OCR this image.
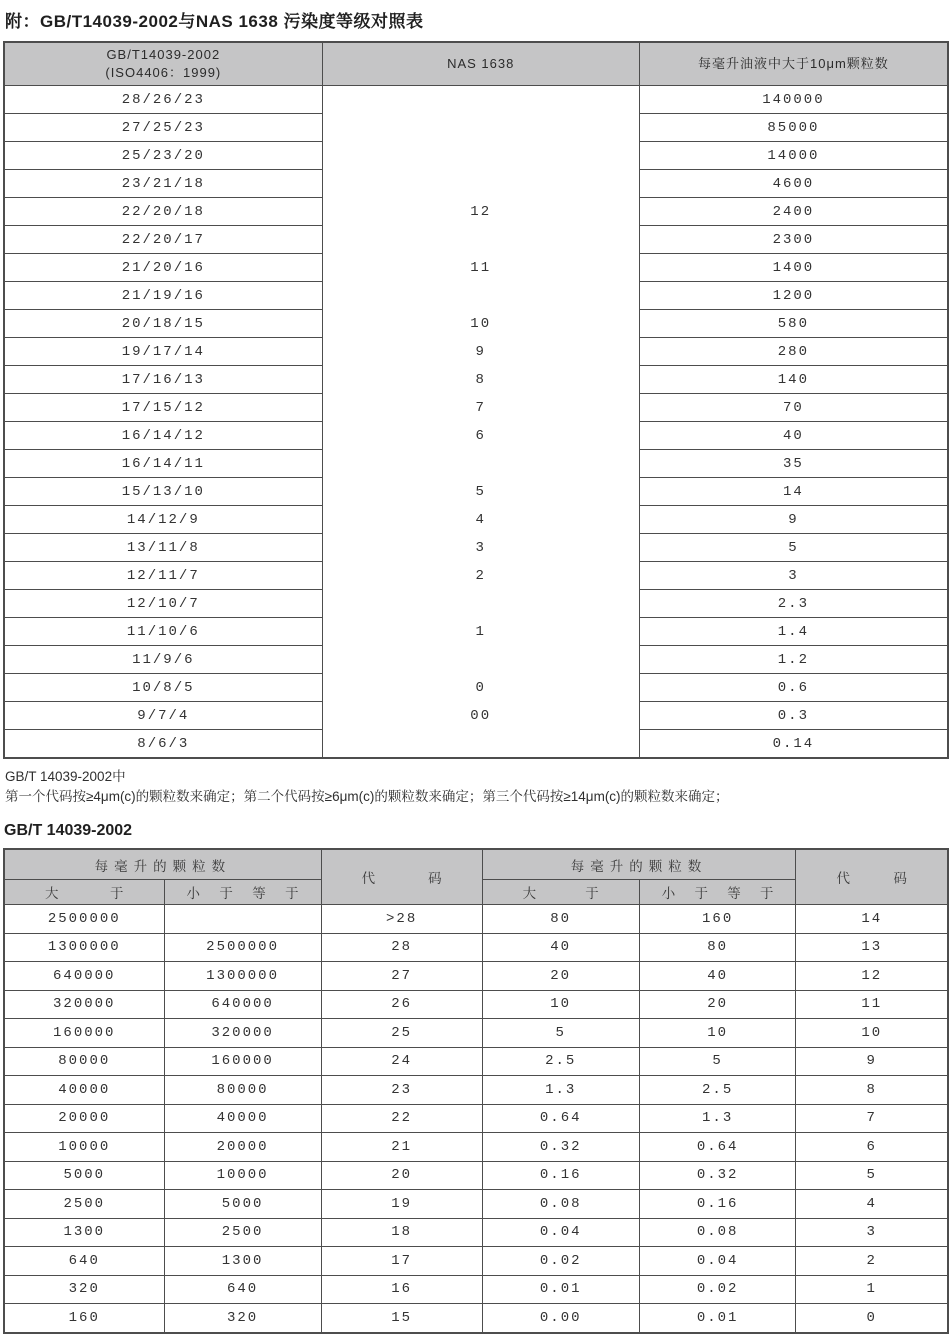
附：GB/T14039-2002与NAS 1638 污染度等级对照表
GB/T14039-2002
(ISO4406：1999)	NAS 1638	每毫升油液中大于10μm颗粒数
28/26/23		140000
27/25/23		85000
25/23/20		14000
23/21/18		4600
22/20/18	12	2400
22/20/17		2300
21/20/16	11	1400
21/19/16		1200
20/18/15	10	580
19/17/14	9	280
17/16/13	8	140
17/15/12	7	70
16/14/12	6	40
16/14/11		35
15/13/10	5	14
14/12/9	4	9
13/11/8	3	5
12/11/7	2	3
12/10/7		2.3
11/10/6	1	1.4
11/9/6		1.2
10/8/5	0	0.6
9/7/4	00	0.3
8/6/3		0.14
GB/T 14039-2002中
第一个代码按≥4μm(c)的颗粒数来确定；第二个代码按≥6μm(c)的颗粒数来确定；第三个代码按≥14μm(c)的颗粒数来确定；
GB/T 14039-2002
每毫升的颗粒数		代码	每毫升的颗粒数		代码
大于	小于等于		大于	小于等于	
2500000		>28	80	160	14
1300000	2500000	28	40	80	13
640000	1300000	27	20	40	12
320000	640000	26	10	20	11
160000	320000	25	5	10	10
80000	160000	24	2.5	5	9
40000	80000	23	1.3	2.5	8
20000	40000	22	0.64	1.3	7
10000	20000	21	0.32	0.64	6
5000	10000	20	0.16	0.32	5
2500	5000	19	0.08	0.16	4
1300	2500	18	0.04	0.08	3
640	1300	17	0.02	0.04	2
320	640	16	0.01	0.02	1
160	320	15	0.00	0.01	0
